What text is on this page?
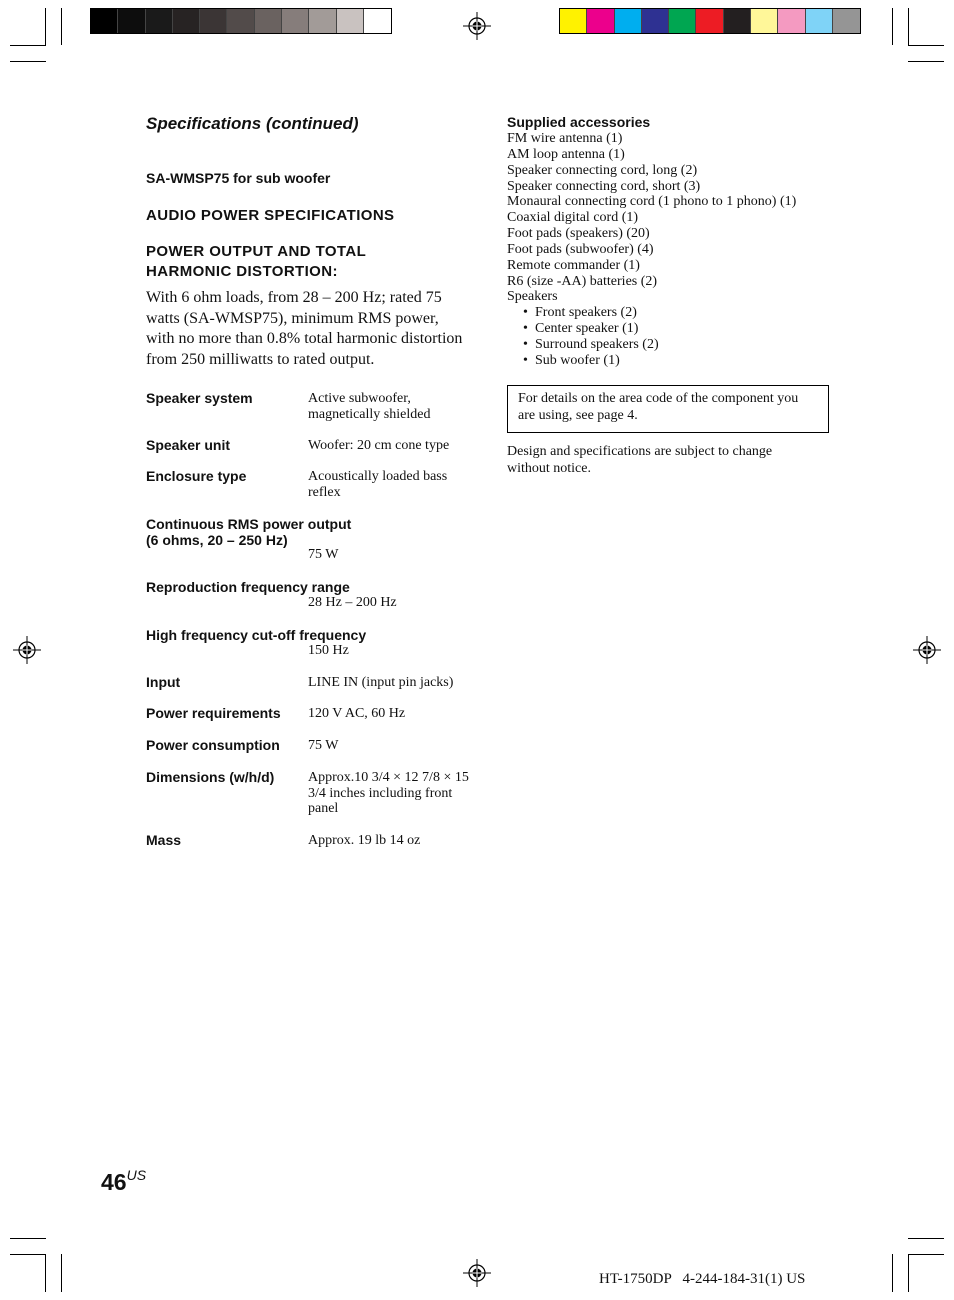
Specifications (continued)
SA-WMSP75 for sub woofer
AUDIO POWER SPECIFICATIONS
POWER OUTPUT AND TOTAL
HARMONIC DISTORTION:
With 6 ohm loads, from 28 – 200 Hz; rated 75 watts (SA-WMSP75), minimum RMS power, with no more than 0.8% total harmonic distortion from 250 milliwatts to rated output.
Speaker system	Active subwoofer, magnetically shielded
Speaker unit	Woofer: 20 cm cone type
Enclosure type	Acoustically loaded bass reflex
Continuous RMS power output
(6 ohms, 20 – 250 Hz)
75 W
Reproduction frequency range
28 Hz – 200 Hz
High frequency cut-off frequency
150 Hz
Input	LINE IN (input pin jacks)
Power requirements 120 V AC, 60 Hz
Power consumption 75 W
Dimensions (w/h/d) Approx.10 3/4 × 12 7/8 × 15 3/4 inches including front panel
Mass	Approx. 19 lb 14 oz
Supplied accessories
FM wire antenna (1)
AM loop antenna (1)
Speaker connecting cord, long (2)
Speaker connecting cord, short (3)
Monaural connecting cord (1 phono to 1 phono) (1)
Coaxial digital cord (1)
Foot pads (speakers) (20)
Foot pads (subwoofer) (4)
Remote commander (1)
R6 (size -AA) batteries (2)
Speakers
• Front speakers (2)
• Center speaker (1)
• Surround speakers (2)
• Sub woofer (1)
For details on the area code of the component you are using, see page 4.
Design and specifications are subject to change without notice.
46US
HT-1750DP   4-244-184-31(1) US
